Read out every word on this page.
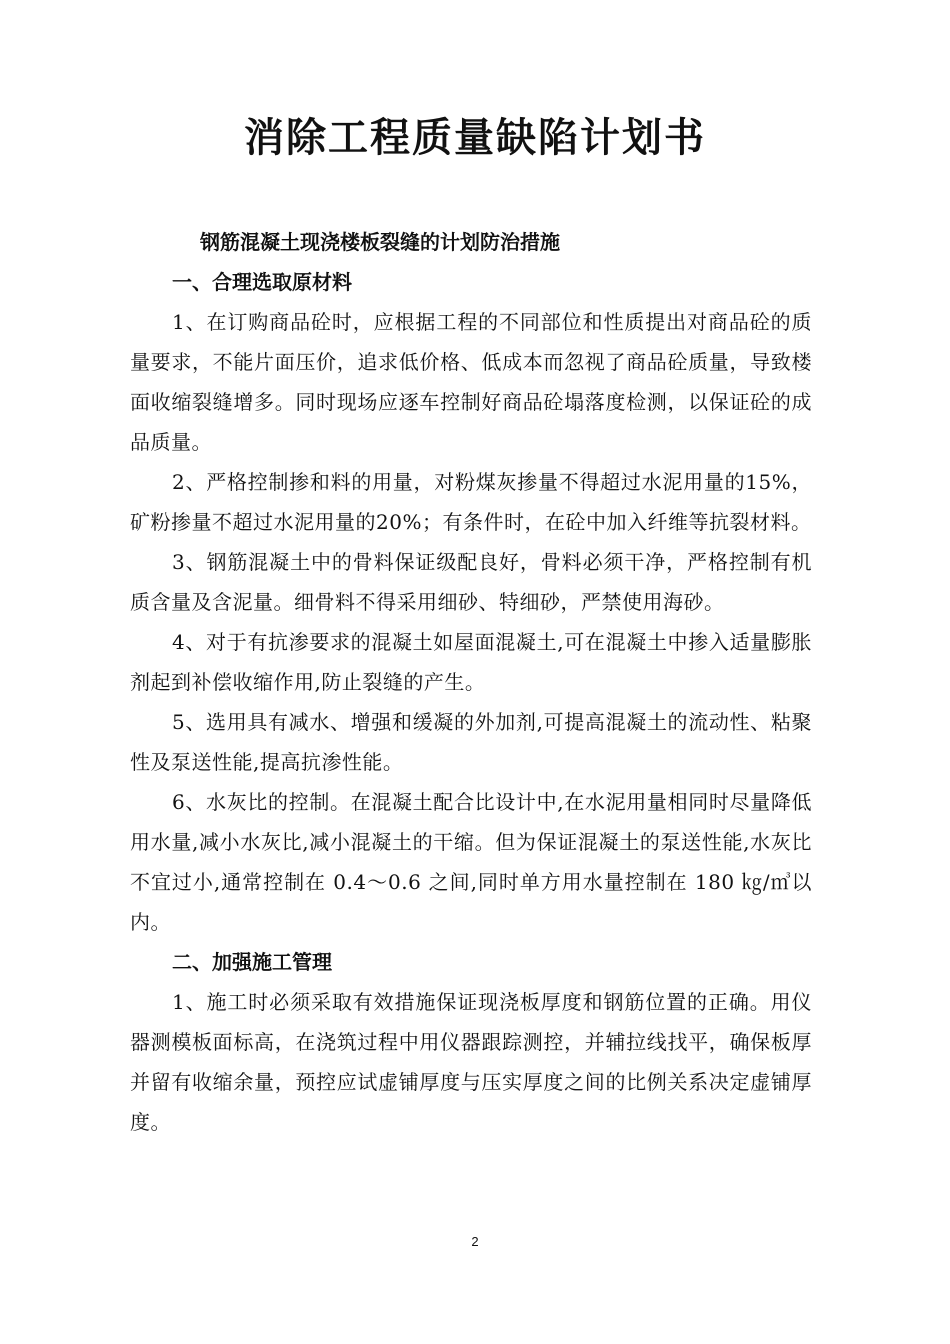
消除工程质量缺陷计划书

钢筋混凝土现浇楼板裂缝的计划防治措施

一、合理选取原材料

1、在订购商品砼时，应根据工程的不同部位和性质提出对商品砼的质量要求，不能片面压价，追求低价格、低成本而忽视了商品砼质量，导致楼面收缩裂缝增多。同时现场应逐车控制好商品砼塌落度检测，以保证砼的成品质量。

2、严格控制掺和料的用量，对粉煤灰掺量不得超过水泥用量的15%，矿粉掺量不超过水泥用量的20%；有条件时，在砼中加入纤维等抗裂材料。

3、钢筋混凝土中的骨料保证级配良好，骨料必须干净，严格控制有机质含量及含泥量。细骨料不得采用细砂、特细砂，严禁使用海砂。

4、对于有抗渗要求的混凝土如屋面混凝土,可在混凝土中掺入适量膨胀剂起到补偿收缩作用,防止裂缝的产生。

5、选用具有减水、增强和缓凝的外加剂,可提高混凝土的流动性、粘聚性及泵送性能,提高抗渗性能。

6、水灰比的控制。在混凝土配合比设计中,在水泥用量相同时尽量降低用水量,减小水灰比,减小混凝土的干缩。但为保证混凝土的泵送性能,水灰比不宜过小,通常控制在 0.4～0.6 之间,同时单方用水量控制在 180 ㎏/㎥以内。

二、加强施工管理

1、施工时必须采取有效措施保证现浇板厚度和钢筋位置的正确。用仪器测模板面标高，在浇筑过程中用仪器跟踪测控，并辅拉线找平，确保板厚并留有收缩余量，预控应试虚铺厚度与压实厚度之间的比例关系决定虚铺厚度。

2
